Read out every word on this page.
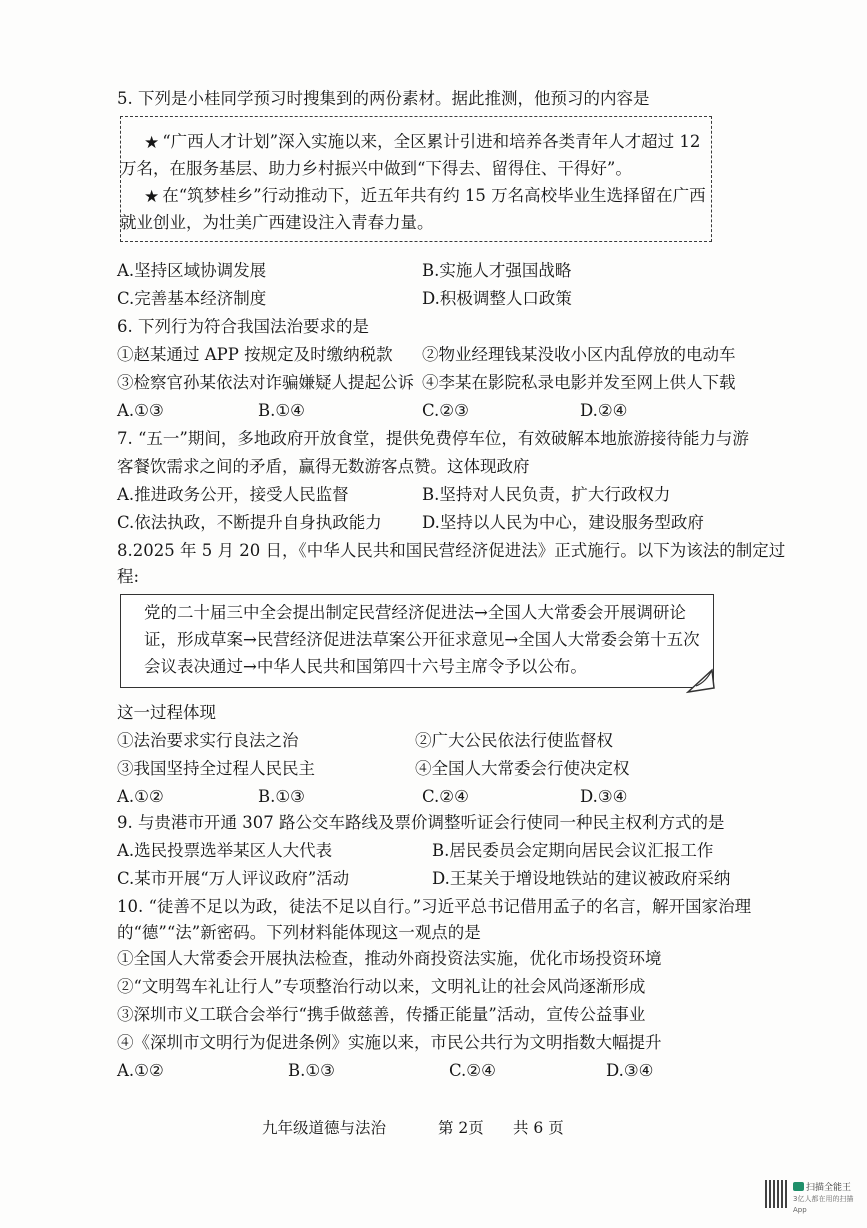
5. 下列是小桂同学预习时搜集到的两份素材。据此推测，他预习的内容是
★ “广西人才计划”深入实施以来，全区累计引进和培养各类青年人才超过 12
万名，在服务基层、助力乡村振兴中做到“下得去、留得住、干得好”。
★ 在“筑梦桂乡”行动推动下，近五年共有约 15 万名高校毕业生选择留在广西
就业创业，为壮美广西建设注入青春力量。
A.坚持区域协调发展	B.实施人才强国战略
C.完善基本经济制度	D.积极调整人口政策
6. 下列行为符合我国法治要求的是
①赵某通过 APP 按规定及时缴纳税款 ②物业经理钱某没收小区内乱停放的电动车
③检察官孙某依法对诈骗嫌疑人提起公诉 ④李某在影院私录电影并发至网上供人下载
A.①③	B.①④	C.②③	D.②④
7. “五一”期间，多地政府开放食堂，提供免费停车位，有效破解本地旅游接待能力与游
客餐饮需求之间的矛盾，赢得无数游客点赞。这体现政府
A.推进政务公开，接受人民监督	B.坚持对人民负责，扩大行政权力
C.依法执政，不断提升自身执政能力 D.坚持以人民为中心，建设服务型政府
8.2025 年 5 月 20 日，《中华人民共和国民营经济促进法》正式施行。以下为该法的制定过
程:
党的二十届三中全会提出制定民营经济促进法→全国人大常委会开展调研论
证，形成草案→民营经济促进法草案公开征求意见→全国人大常委会第十五次
会议表决通过→中华人民共和国第四十六号主席令予以公布。
这一过程体现
①法治要求实行良法之治	②广大公民依法行使监督权
③我国坚持全过程人民民主	④全国人大常委会行使决定权
A.①②	B.①③	C.②④	D.③④
9. 与贵港市开通 307 路公交车路线及票价调整听证会行使同一种民主权利方式的是
A.选民投票选举某区人大代表	B.居民委员会定期向居民会议汇报工作
C.某市开展“万人评议政府”活动	D.王某关于增设地铁站的建议被政府采纳
10. “徒善不足以为政，徒法不足以自行。”习近平总书记借用孟子的名言，解开国家治理
的“德”“法”新密码。下列材料能体现这一观点的是
①全国人大常委会开展执法检查，推动外商投资法实施，优化市场投资环境
②“文明驾车礼让行人”专项整治行动以来，文明礼让的社会风尚逐渐形成
③深圳市义工联合会举行“携手做慈善，传播正能量”活动，宣传公益事业
④《深圳市文明行为促进条例》实施以来，市民公共行为文明指数大幅提升
A.①②	B.①③	C.②④	D.③④
九年级道德与法治	第 2页 共 6 页
扫描全能王
3亿人都在用的扫描App
